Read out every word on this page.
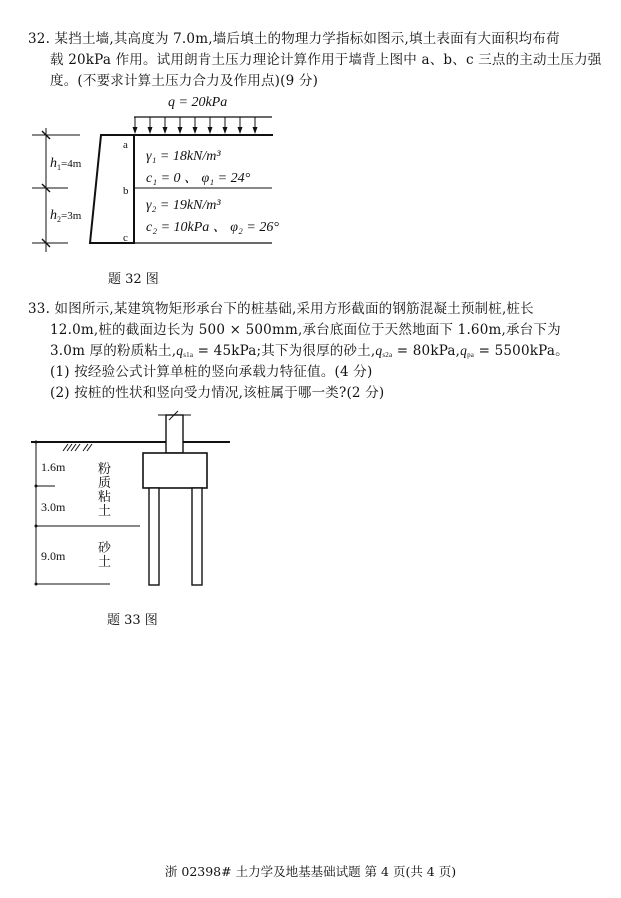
32. 某挡土墙,其高度为 7.0m,墙后填土的物理力学指标如图示,填土表面有大面积均布荷
载 20kPa 作用。试用朗肯土压力理论计算作用于墙背上图中 a、b、c 三点的主动土压力强
度。(不要求计算土压力合力及作用点)(9 分)
q = 20kPa
$h_1^{=4m}$
$h_2^{=3m}$
a
b
c
γ₁ = 18kN/m³
c₁ = 0 、 φ₁ = 24°
γ₂ = 19kN/m³
c₂ = 10kPa 、 φ₂ = 26°
题 32 图
33. 如图所示,某建筑物矩形承台下的桩基础,采用方形截面的钢筋混凝土预制桩,桩长
12.0m,桩的截面边长为 500 × 500mm,承台底面位于天然地面下 1.60m,承台下为
3.0m 厚的粉质粘土$,q_{s1a} = 45kPa$;其下为很厚的砂土$,q_{s2a} = 80kPa,q_{pa} = 5500kPa$。
(1) 按经验公式计算单桩的竖向承载力特征值。(4 分)
(2) 按桩的性状和竖向受力情况,该桩属于哪一类?(2 分)
1.6m
3.0m
9.0m
粉
质
粘
土
砂
土
题 33 图
浙 02398# 土力学及地基基础试题 第 4 页(共 4 页)
